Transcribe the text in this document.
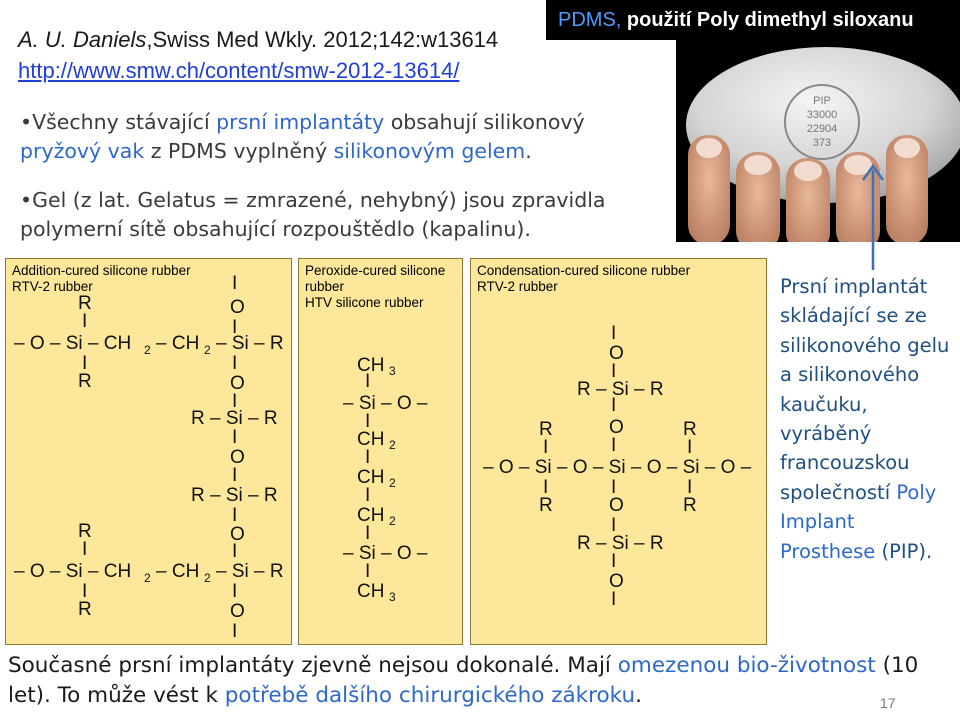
A. U. Daniels,Swiss Med Wkly. 2012;142:w13614
http://www.smw.ch/content/smw-2012-13614/
PDMS, použití Poly dimethyl siloxanu
PIP
33000
22904
373
•Všechny stávající prsní implantáty obsahují silikonový pryžový vak z PDMS vyplněný silikonovým gelem.
•Gel (z lat. Gelatus = zmrazené, nehybný) jsou zpravidla polymerní sítě obsahující rozpouštědlo (kapalinu).
Addition-cured silicone rubber
RTV-2 rubber	I
O
I
R
I
– O – Si – CH 2 – CH 2 – Si – R
I
R
I
O
I
R – Si – R
I
O
I
R – Si – R
I
O
R
I	I
– O – Si – CH 2 – CH 2 – Si – R
I
R
I
O
I
Peroxide-cured silicone
rubber
HTV silicone rubber
CH 3
I
– Si – O –
I
CH 2
I
CH 2
I
CH 2
I
– Si – O –
I
CH 3
Condensation-cured silicone rubber
RTV-2 rubber
I
O
I
R – Si – R
I
R	O	R
I	I	I
– O – Si – O – Si – O – Si – O –
I	I	I
R	O	R
I
R – Si – R
I
O
I
Prsní implantát skládající se ze silikonového gelu a silikonového kaučuku, vyráběný francouzskou společností Poly Implant Prosthese (PIP).
Současné prsní implantáty zjevně nejsou dokonalé. Mají omezenou bio-životnost (10 let). To může vést k potřebě dalšího chirurgického zákroku.	17
